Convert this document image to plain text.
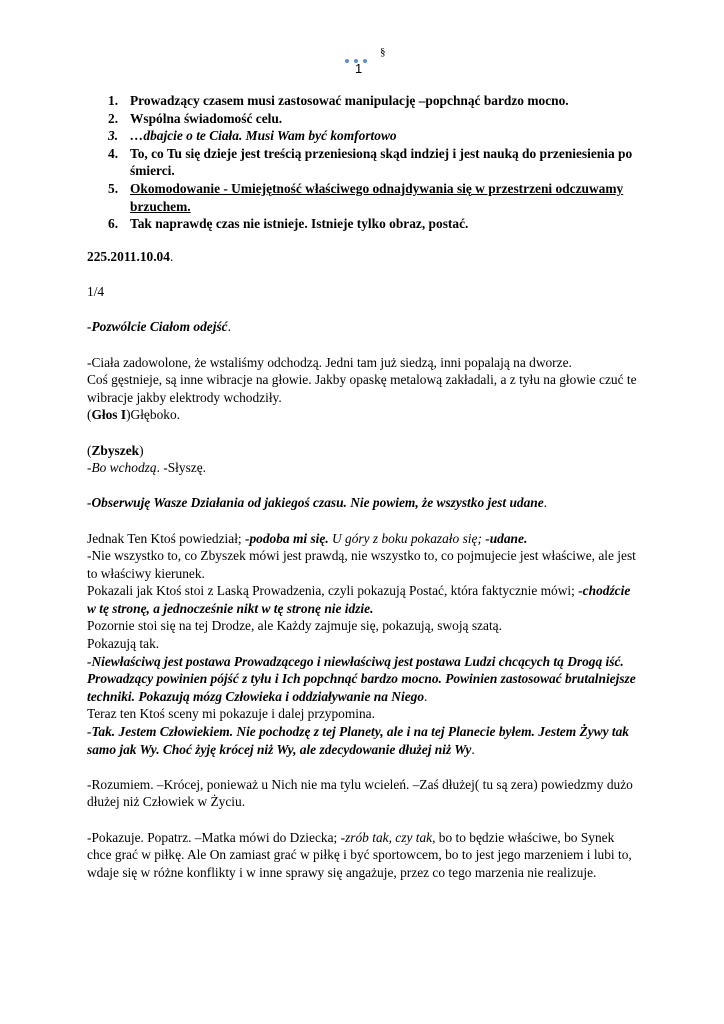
§
1
1. Prowadzący czasem musi zastosować manipulację –popchnąć bardzo mocno.
2. Wspólna świadomość celu.
3. …dbajcie o te Ciała. Musi Wam być komfortowo
4. To, co Tu się dzieje jest treścią przeniesioną skąd indziej i jest nauką do przeniesienia po śmierci.
5. Okomodowanie - Umiejętność właściwego odnajdywania się w przestrzeni odczuwamy brzuchem.
6. Tak naprawdę czas nie istnieje. Istnieje tylko obraz, postać.

225.2011.10.04.

1/4

-Pozwólcie Ciałom odejść.

-Ciała zadowolone, że wstaliśmy odchodzą. Jedni tam już siedzą, inni popalają na dworze.

Coś gęstnieje, są inne wibracje na głowie. Jakby opaskę metalową zakładali, a z tyłu na głowie czuć te wibracje jakby elektrody wchodziły.

(Głos I)Głęboko.

(Zbyszek)

-Bo wchodzą. -Słyszę.

-Obserwuję Wasze Działania od jakiegoś czasu. Nie powiem, że wszystko jest udane.

Jednak Ten Ktoś powiedział; -podoba mi się. U góry z boku pokazało się; -udane.

-Nie wszystko to, co Zbyszek mówi jest prawdą, nie wszystko to, co pojmujecie jest właściwe, ale jest to właściwy kierunek.

Pokazali jak Ktoś stoi z Laską Prowadzenia, czyli pokazują Postać, która faktycznie mówi; -chodźcie w tę stronę, a jednocześnie nikt w tę stronę nie idzie.

Pozornie stoi się na tej Drodze, ale Każdy zajmuje się, pokazują, swoją szatą.

Pokazują tak.

-Niewłaściwą jest postawa Prowadzącego i niewłaściwą jest postawa Ludzi chcących tą Drogą iść. Prowadzący powinien pójść z tyłu i Ich popchnąć bardzo mocno. Powinien zastosować brutalniejsze techniki. Pokazują mózg Człowieka i oddziaływanie na Niego.

Teraz ten Ktoś sceny mi pokazuje i dalej przypomina.

-Tak. Jestem Człowiekiem. Nie pochodzę z tej Planety, ale i na tej Planecie byłem. Jestem Żywy tak samo jak Wy. Choć żyję krócej niż Wy, ale zdecydowanie dłużej niż Wy.

-Rozumiem. –Krócej, ponieważ u Nich nie ma tylu wcieleń. –Zaś dłużej( tu są zera) powiedzmy dużo dłużej niż Człowiek w Życiu.

-Pokazuje. Popatrz. –Matka mówi do Dziecka; -zrób tak, czy tak, bo to będzie właściwe, bo Synek chce grać w piłkę. Ale On zamiast grać w piłkę i być sportowcem, bo to jest jego marzeniem i lubi to, wdaje się w różne konflikty i w inne sprawy się angażuje, przez co tego marzenia nie realizuje.
